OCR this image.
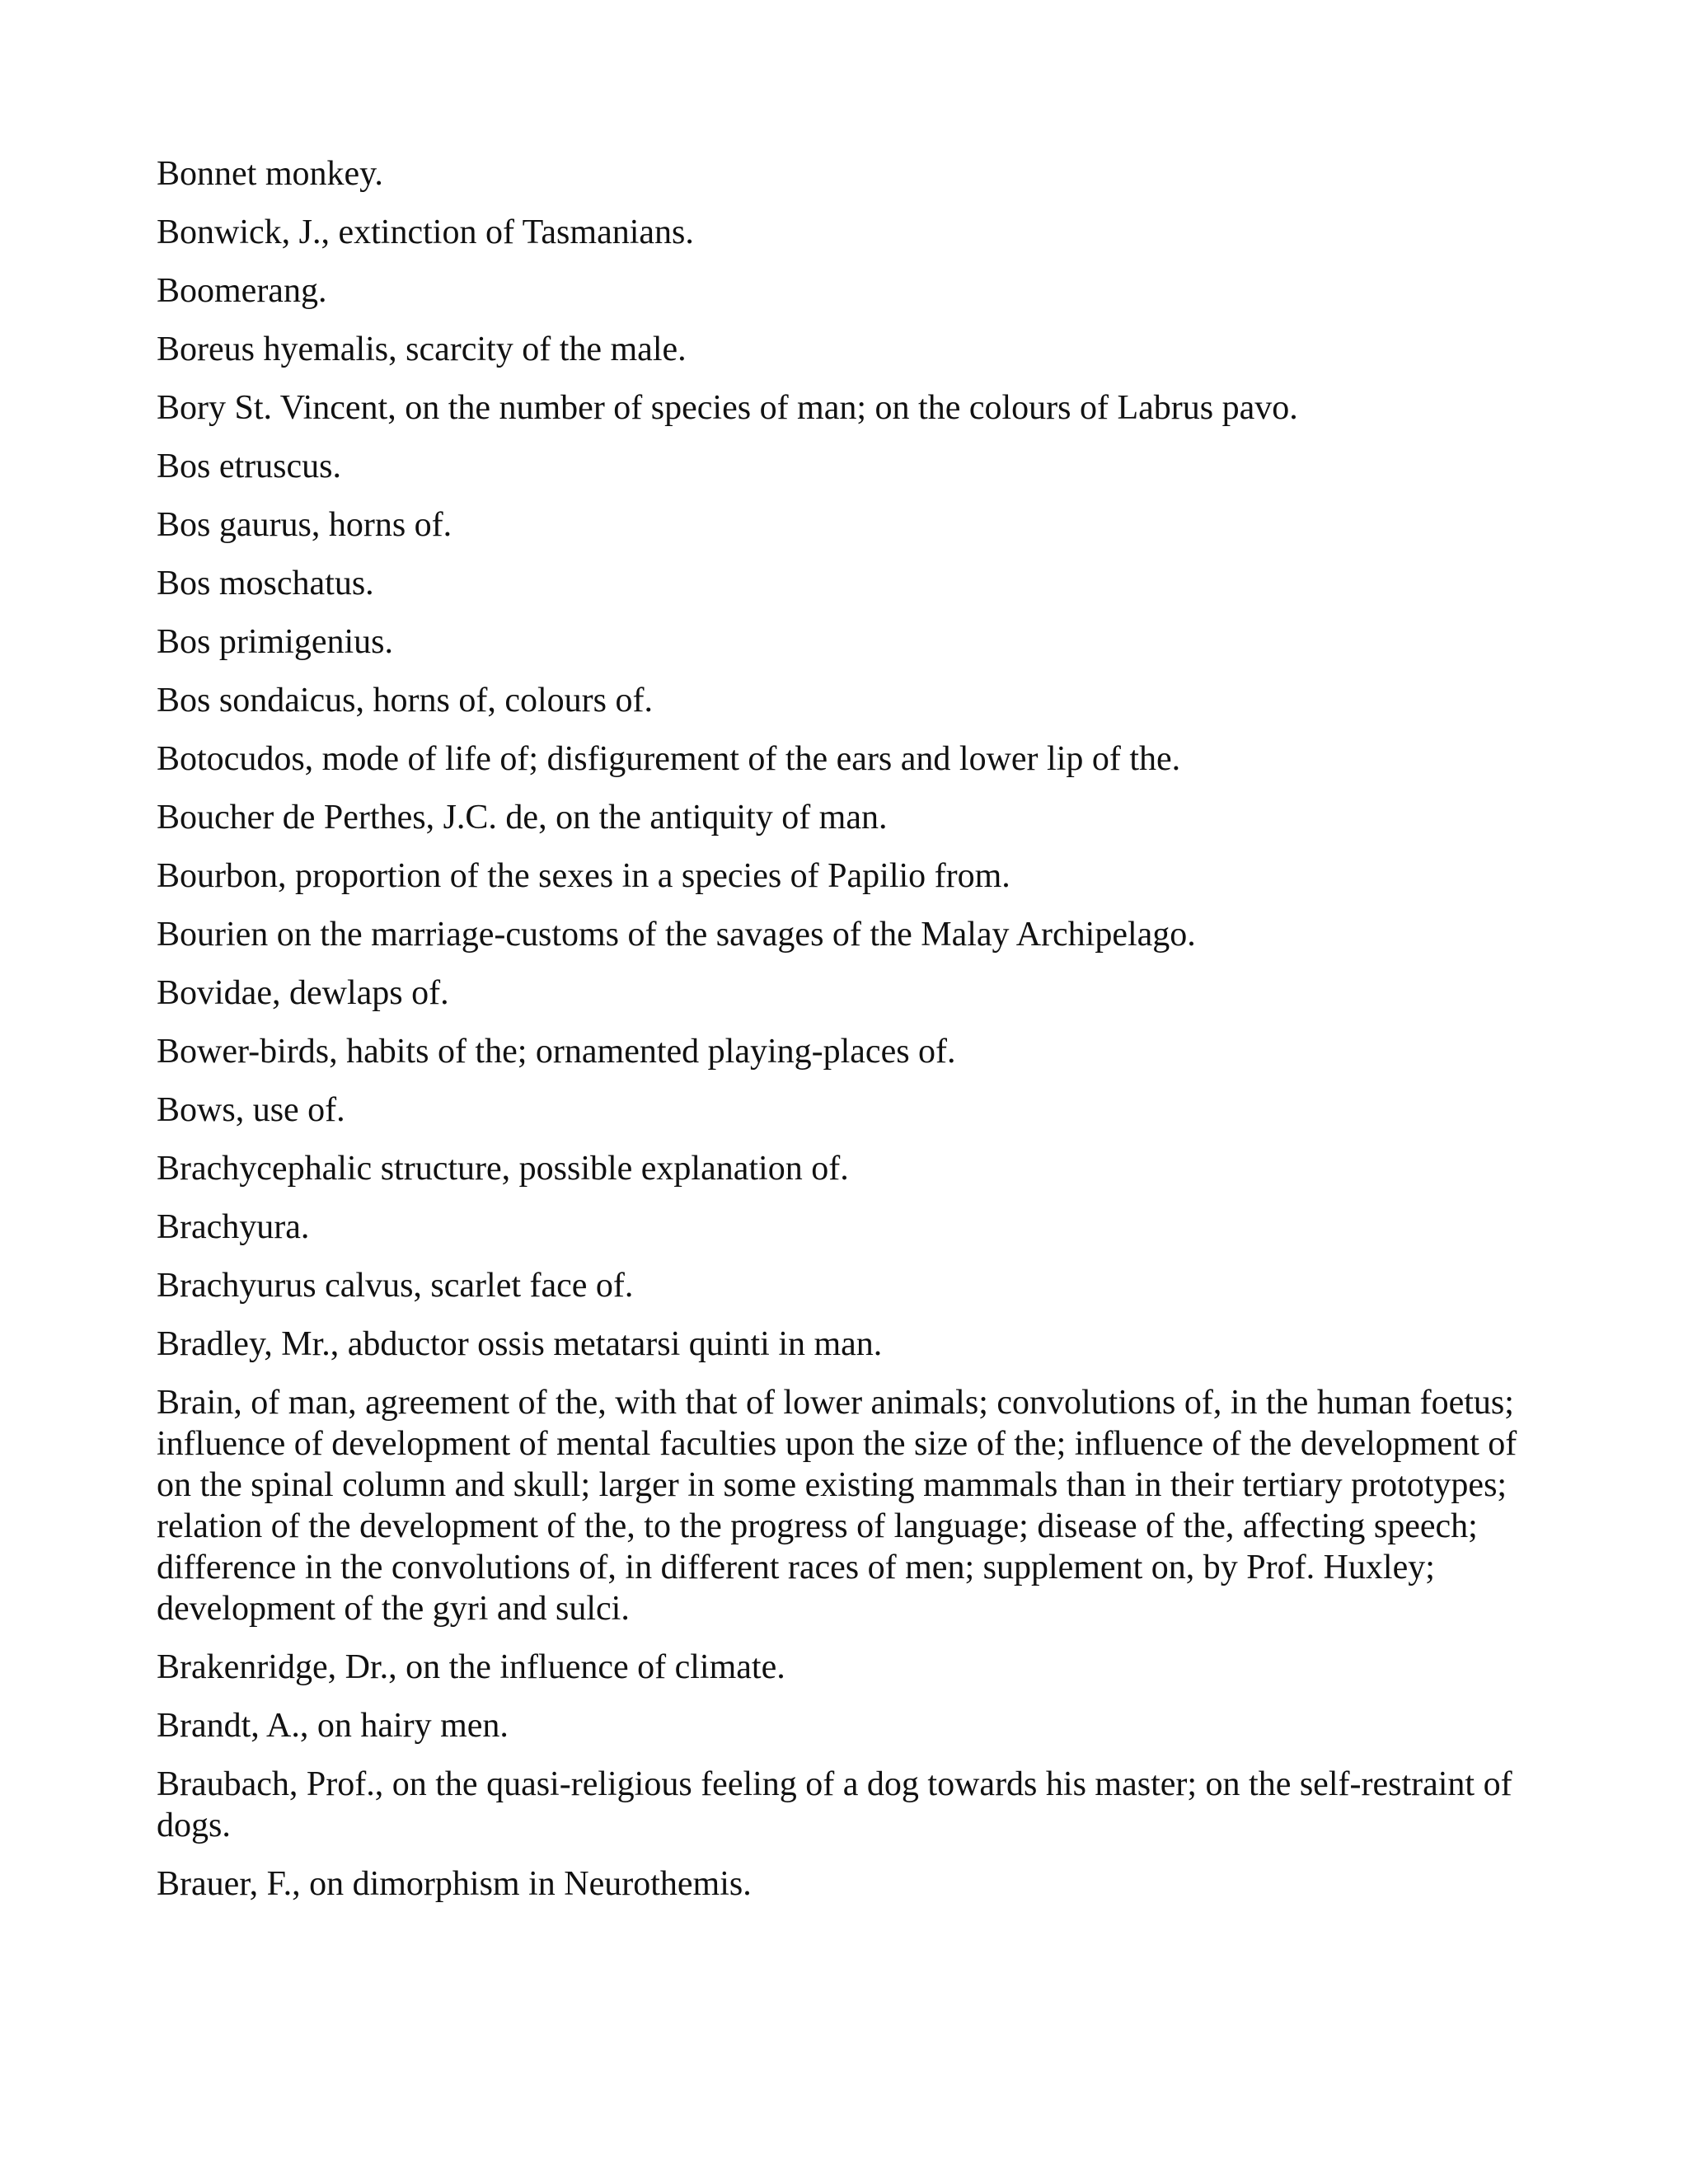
Bonnet monkey.

Bonwick, J., extinction of Tasmanians.

Boomerang.

Boreus hyemalis, scarcity of the male.

Bory St. Vincent, on the number of species of man; on the colours of Labrus pavo.

Bos etruscus.

Bos gaurus, horns of.

Bos moschatus.

Bos primigenius.

Bos sondaicus, horns of, colours of.

Botocudos, mode of life of; disfigurement of the ears and lower lip of the.

Boucher de Perthes, J.C. de, on the antiquity of man.

Bourbon, proportion of the sexes in a species of Papilio from.

Bourien on the marriage-customs of the savages of the Malay Archipelago.

Bovidae, dewlaps of.

Bower-birds, habits of the; ornamented playing-places of.

Bows, use of.

Brachycephalic structure, possible explanation of.

Brachyura.

Brachyurus calvus, scarlet face of.

Bradley, Mr., abductor ossis metatarsi quinti in man.

Brain, of man, agreement of the, with that of lower animals; convolutions of, in the human foetus; influence of development of mental faculties upon the size of the; influence of the development of on the spinal column and skull; larger in some existing mammals than in their tertiary prototypes; relation of the development of the, to the progress of language; disease of the, affecting speech; difference in the convolutions of, in different races of men; supplement on, by Prof. Huxley; development of the gyri and sulci.

Brakenridge, Dr., on the influence of climate.

Brandt, A., on hairy men.

Braubach, Prof., on the quasi-religious feeling of a dog towards his master; on the self-restraint of dogs.

Brauer, F., on dimorphism in Neurothemis.
